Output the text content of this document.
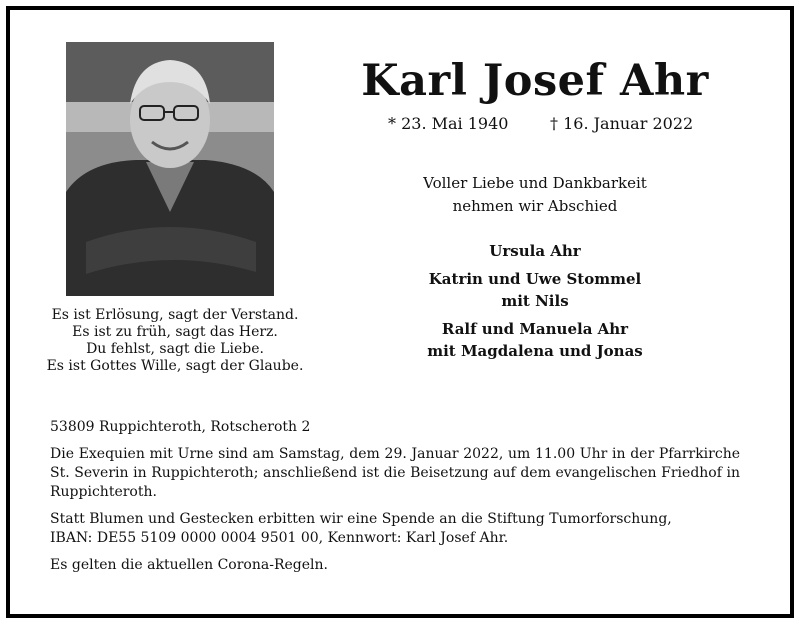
Es ist Erlösung, sagt der Verstand.
Es ist zu früh, sagt das Herz.
Du fehlst, sagt die Liebe.
Es ist Gottes Wille, sagt der Glaube.
Karl Josef Ahr
* 23. Mai 1940	† 16. Januar 2022
Voller Liebe und Dankbarkeit
nehmen wir Abschied
Ursula Ahr
Katrin und Uwe Stommel
mit Nils
Ralf und Manuela Ahr
mit Magdalena und Jonas

53809 Ruppichteroth, Rotscheroth 2

Die Exequien mit Urne sind am Samstag, dem 29. Januar 2022, um 11.00 Uhr in der Pfarrkirche St. Severin in Ruppichteroth; anschließend ist die Beisetzung auf dem evangelischen Friedhof in Ruppichteroth.

Statt Blumen und Gestecken erbitten wir eine Spende an die Stiftung Tumorforschung,
IBAN: DE55 5109 0000 0004 9501 00, Kennwort: Karl Josef Ahr.

Es gelten die aktuellen Corona-Regeln.
